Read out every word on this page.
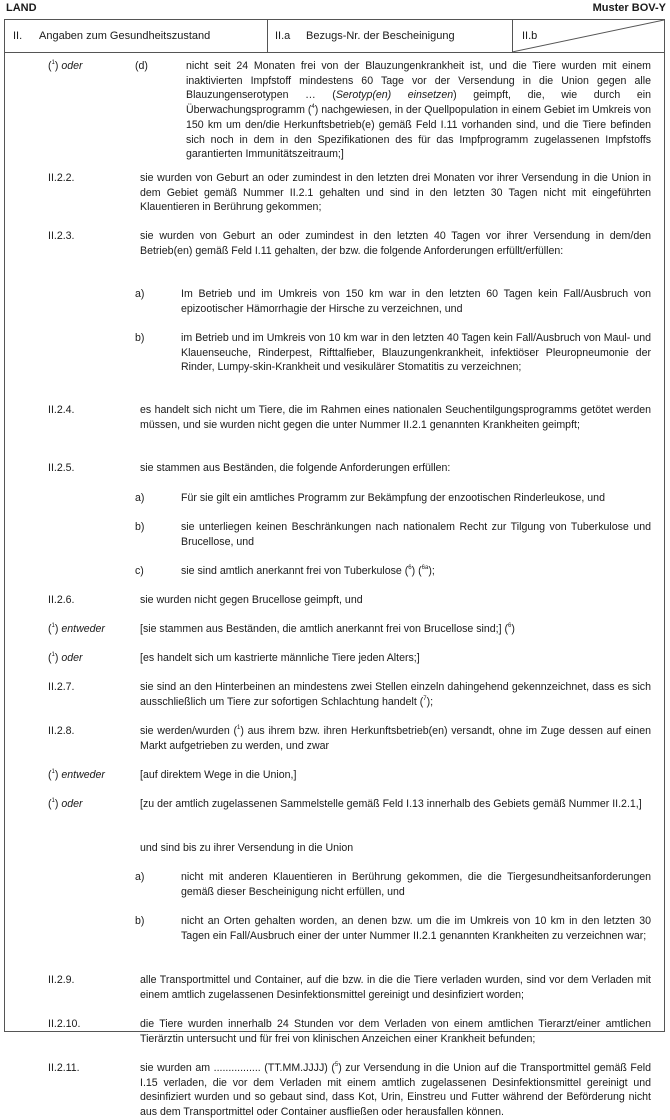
LAND	Muster BOV-Y
II. Angaben zum Gesundheitszustand	II.a Bezugs-Nr. der Bescheinigung	II.b
($^1$) oder	(d)	nicht seit 24 Monaten frei von der Blauzungenkrankheit ist, und die Tiere wurden mit einem inaktivierten Impfstoff mindestens 60 Tage vor der Versendung in die Union gegen alle Blauzungenserotypen … (Serotyp(en) einsetzen) geimpft, die, wie durch ein Überwachungsprogramm ($^4$) nachgewiesen, in der Quellpopulation in einem Gebiet im Umkreis von 150 km um den/die Herkunftsbetrieb(e) gemäß Feld I.11 vorhanden sind, und die Tiere befinden sich noch in dem in den Spezifikationen des für das Impfprogramm zugelassenen Impfstoffs garantierten Immunitätszeitraum;]
II.2.2.	sie wurden von Geburt an oder zumindest in den letzten drei Monaten vor ihrer Versendung in die Union in dem Gebiet gemäß Nummer II.2.1 gehalten und sind in den letzten 30 Tagen nicht mit eingeführten Klauentieren in Berührung gekommen;
II.2.3.	sie wurden von Geburt an oder zumindest in den letzten 40 Tagen vor ihrer Versendung in dem/den Betrieb(en) gemäß Feld I.11 gehalten, der bzw. die folgende Anforderungen erfüllt/erfüllen:
a)	Im Betrieb und im Umkreis von 150 km war in den letzten 60 Tagen kein Fall/Ausbruch von epizootischer Hämorrhagie der Hirsche zu verzeichnen, und
b)	im Betrieb und im Umkreis von 10 km war in den letzten 40 Tagen kein Fall/Ausbruch von Maul- und Klauenseuche, Rinderpest, Rifttalfieber, Blauzungenkrankheit, infektiöser Pleuropneumonie der Rinder, Lumpy-skin-Krankheit und vesikulärer Stomatitis zu verzeichnen;
II.2.4.	es handelt sich nicht um Tiere, die im Rahmen eines nationalen Seuchentilgungsprogramms getötet werden müssen, und sie wurden nicht gegen die unter Nummer II.2.1 genannten Krankheiten geimpft;
II.2.5.	sie stammen aus Beständen, die folgende Anforderungen erfüllen:
a)	Für sie gilt ein amtliches Programm zur Bekämpfung der enzootischen Rinderleukose, und
b)	sie unterliegen keinen Beschränkungen nach nationalem Recht zur Tilgung von Tuberkulose und Brucellose, und
c)	sie sind amtlich anerkannt frei von Tuberkulose ($^6$) ($^{6a}$);
II.2.6.	sie wurden nicht gegen Brucellose geimpft, und
($^1$) entweder	[sie stammen aus Beständen, die amtlich anerkannt frei von Brucellose sind;] ($^6$)
($^1$) oder	[es handelt sich um kastrierte männliche Tiere jeden Alters;]
II.2.7.	sie sind an den Hinterbeinen an mindestens zwei Stellen einzeln dahingehend gekennzeichnet, dass es sich ausschließlich um Tiere zur sofortigen Schlachtung handelt ($^7$);
II.2.8.	sie werden/wurden ($^1$) aus ihrem bzw. ihren Herkunftsbetrieb(en) versandt, ohne im Zuge dessen auf einen Markt aufgetrieben zu werden, und zwar
($^1$) entweder	[auf direktem Wege in die Union,]
($^1$) oder	[zu der amtlich zugelassenen Sammelstelle gemäß Feld I.13 innerhalb des Gebiets gemäß Nummer II.2.1,]
und sind bis zu ihrer Versendung in die Union
a)	nicht mit anderen Klauentieren in Berührung gekommen, die die Tiergesundheitsanforderungen gemäß dieser Bescheinigung nicht erfüllen, und
b)	nicht an Orten gehalten worden, an denen bzw. um die im Umkreis von 10 km in den letzten 30 Tagen ein Fall/Ausbruch einer der unter Nummer II.2.1 genannten Krankheiten zu verzeichnen war;
II.2.9.	alle Transportmittel und Container, auf die bzw. in die die Tiere verladen wurden, sind vor dem Verladen mit einem amtlich zugelassenen Desinfektionsmittel gereinigt und desinfiziert worden;
II.2.10.	die Tiere wurden innerhalb 24 Stunden vor dem Verladen von einem amtlichen Tierarzt/einer amtlichen Tierärztin untersucht und für frei von klinischen Anzeichen einer Krankheit befunden;
II.2.11.	sie wurden am ................ (TT.MM.JJJJ) ($^5$) zur Versendung in die Union auf die Transportmittel gemäß Feld I.15 verladen, die vor dem Verladen mit einem amtlich zugelassenen Desinfektionsmittel gereinigt und desinfiziert wurden und so gebaut sind, dass Kot, Urin, Einstreu und Futter während der Beförderung nicht aus dem Transportmittel oder Container ausfließen oder herausfallen können.
